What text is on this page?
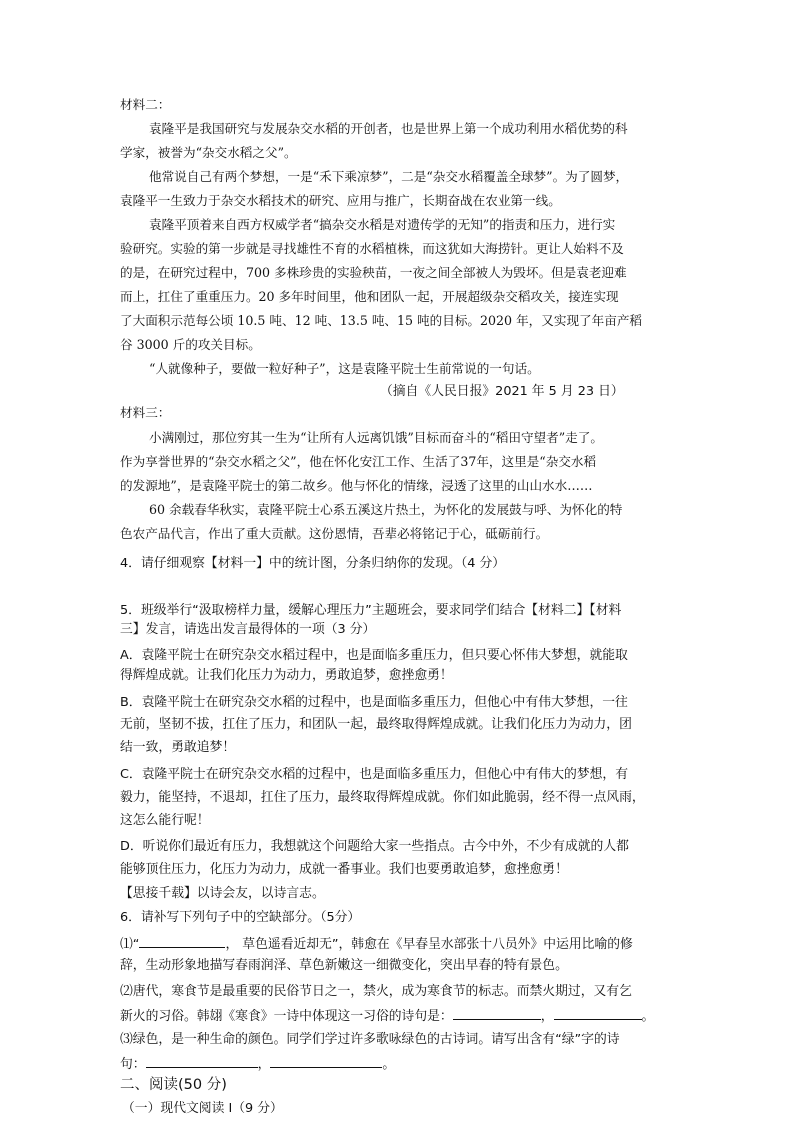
材料二：
袁隆平是我国研究与发展杂交水稻的开创者，也是世界上第一个成功利用水稻优势的科
学家，被誉为“杂交水稻之父”。
他常说自己有两个梦想，一是“禾下乘凉梦”，二是“杂交水稻覆盖全球梦”。为了圆梦，
袁隆平一生致力于杂交水稻技术的研究、应用与推广，长期奋战在农业第一线。
袁隆平顶着来自西方权威学者“搞杂交水稻是对遗传学的无知”的指责和压力，进行实
验研究。实验的第一步就是寻找雄性不育的水稻植株，而这犹如大海捞针。更让人始料不及
的是，在研究过程中，700 多株珍贵的实验秧苗，一夜之间全部被人为毁坏。但是袁老迎难
而上，扛住了重重压力。20 多年时间里，他和团队一起，开展超级杂交稻攻关，接连实现
了大面积示范每公顷 10.5 吨、12 吨、13.5 吨、15 吨的目标。2020 年，又实现了年亩产稻
谷 3000 斤的攻关目标。
“人就像种子，要做一粒好种子”，这是袁隆平院士生前常说的一句话。
（摘自《人民日报》2021 年 5 月 23 日）
材料三：
小满刚过，那位穷其一生为“让所有人远离饥饿”目标而奋斗的“稻田守望者”走了。
作为享誉世界的“杂交水稻之父”，他在怀化安江工作、生活了37年，这里是“杂交水稻
的发源地”，是袁隆平院士的第二故乡。他与怀化的情缘，浸透了这里的山山水水……
60 余载春华秋实，袁隆平院士心系五溪这片热土，为怀化的发展鼓与呼、为怀化的特
色农产品代言，作出了重大贡献。这份恩情，吾辈必将铭记于心，砥砺前行。
4．请仔细观察【材料一】中的统计图，分条归纳你的发现。（4 分）
5．班级举行“汲取榜样力量，缓解心理压力”主题班会，要求同学们结合【材料二】【材料
三】发言，请选出发言最得体的一项（3 分）
A．袁隆平院士在研究杂交水稻过程中，也是面临多重压力，但只要心怀伟大梦想，就能取
得辉煌成就。让我们化压力为动力，勇敢追梦，愈挫愈勇！
B．袁隆平院士在研究杂交水稻的过程中，也是面临多重压力，但他心中有伟大梦想，一往
无前，坚韧不拔，扛住了压力，和团队一起，最终取得辉煌成就。让我们化压力为动力，团
结一致，勇敢追梦！
C．袁隆平院士在研究杂交水稻的过程中，也是面临多重压力，但他心中有伟大的梦想，有
毅力，能坚持，不退却，扛住了压力，最终取得辉煌成就。你们如此脆弱，经不得一点风雨，
这怎么能行呢！
D．听说你们最近有压力，我想就这个问题给大家一些指点。古今中外，不少有成就的人都
能够顶住压力，化压力为动力，成就一番事业。我们也要勇敢追梦，愈挫愈勇！
【思接千载】以诗会友，以诗言志。
6．请补写下列句子中的空缺部分。（5分）
⑴“	， 草色遥看近却无”，韩愈在《早春呈水部张十八员外》中运用比喻的修
辞，生动形象地描写春雨润泽、草色新嫩这一细微变化，突出早春的特有景色。
⑵唐代，寒食节是最重要的民俗节日之一，禁火，成为寒食节的标志。而禁火期过，又有乞
新火的习俗。韩翃《寒食》一诗中体现这一习俗的诗句是：	，	。
⑶绿色，是一种生命的颜色。同学们学过许多歌咏绿色的古诗词。请写出含有“绿”字的诗
句：	，	。
二、阅读(50 分)
（一）现代文阅读 Ⅰ（9 分）
